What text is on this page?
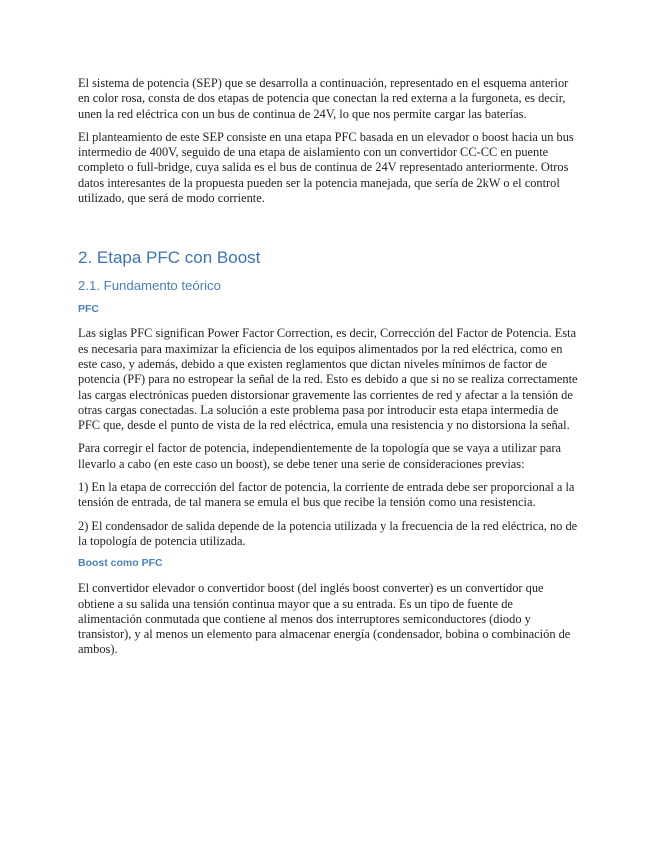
El sistema de potencia (SEP) que se desarrolla a continuación, representado en el esquema anterior en color rosa, consta de dos etapas de potencia que conectan la red externa a la furgoneta, es decir, unen la red eléctrica con un bus de continua de 24V, lo que nos permite cargar las baterías.

El planteamiento de este SEP consiste en una etapa PFC basada en un elevador o boost hacia un bus intermedio de 400V, seguido de una etapa de aislamiento con un convertidor CC-CC en puente completo o full-bridge, cuya salida es el bus de continua de 24V representado anteriormente. Otros datos interesantes de la propuesta pueden ser la potencia manejada, que sería de 2kW o el control utilizado, que será de modo corriente.

2. Etapa PFC con Boost
2.1. Fundamento teórico
PFC

Las siglas PFC significan Power Factor Correction, es decir, Corrección del Factor de Potencia. Esta es necesaria para maximizar la eficiencia de los equipos alimentados por la red eléctrica, como en este caso, y además, debido a que existen reglamentos que dictan niveles mínimos de factor de potencia (PF) para no estropear la señal de la red. Esto es debido a que si no se realiza correctamente las cargas electrónicas pueden distorsionar gravemente las corrientes de red y afectar a la tensión de otras cargas conectadas. La solución a este problema pasa por introducir esta etapa intermedia de PFC que, desde el punto de vista de la red eléctrica, emula una resistencia y no distorsiona la señal.

Para corregir el factor de potencia, independientemente de la topología que se vaya a utilizar para llevarlo a cabo (en este caso un boost), se debe tener una serie de consideraciones previas:

1) En la etapa de corrección del factor de potencia, la corriente de entrada debe ser proporcional a la tensión de entrada, de tal manera se emula el bus que recibe la tensión como una resistencia.

2) El condensador de salida depende de la potencia utilizada y la frecuencia de la red eléctrica, no de la topología de potencia utilizada.

Boost como PFC

El convertidor elevador o convertidor boost (del inglés boost converter) es un convertidor que obtiene a su salida una tensión continua mayor que a su entrada. Es un tipo de fuente de alimentación conmutada que contiene al menos dos interruptores semiconductores (diodo y transistor), y al menos un elemento para almacenar energía (condensador, bobina o combinación de ambos).
